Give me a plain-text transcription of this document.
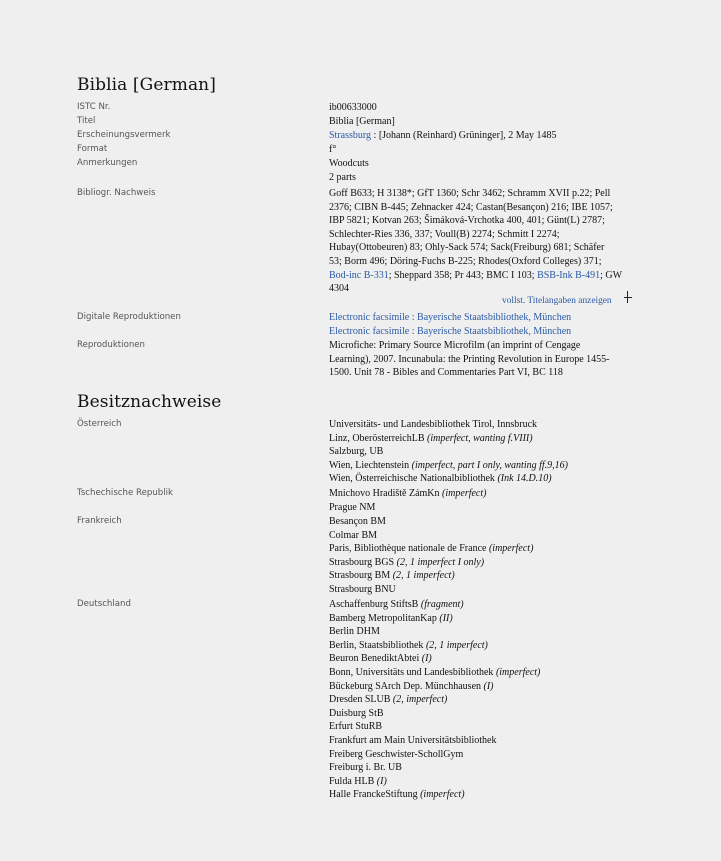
Biblia [German]
ISTC Nr.	ib00633000
Titel	Biblia [German]
Erscheinungsvermerk	Strassburg : [Johann (Reinhard) Grüninger], 2 May 1485
Format	f°
Anmerkungen	Woodcuts
2 parts
Bibliogr. Nachweis	Goff B633; H 3138*; GfT 1360; Schr 3462; Schramm XVII p.22; Pell
2376; CIBN B-445; Zehnacker 424; Castan(Besançon) 216; IBE 1057;
IBP 5821; Kotvan 263; Šimáková-Vrchotka 400, 401; Günt(L) 2787;
Schlechter-Ries 336, 337; Voull(B) 2274; Schmitt I 2274;
Hubay(Ottobeuren) 83; Ohly-Sack 574; Sack(Freiburg) 681; Schäfer
53; Borm 496; Döring-Fuchs B-225; Rhodes(Oxford Colleges) 371;
Bod-inc B-331; Sheppard 358; Pr 443; BMC I 103; BSB-Ink B-491; GW
4304
Digitale Reproduktionen	Electronic facsimile : Bayerische Staatsbibliothek, München
Electronic facsimile : Bayerische Staatsbibliothek, München
Reproduktionen	Microfiche: Primary Source Microfilm (an imprint of Cengage
Learning), 2007. Incunabula: the Printing Revolution in Europe 1455-
1500. Unit 78 - Bibles and Commentaries Part VI, BC 118
vollst. Titelangaben anzeigen
Besitznachweise
Österreich	Universitäts- und Landesbibliothek Tirol, Innsbruck
Linz, OberösterreichLB (imperfect, wanting f.VIII)
Salzburg, UB
Wien, Liechtenstein (imperfect, part I only, wanting ff.9,16)
Wien, Österreichische Nationalbibliothek (Ink 14.D.10)
Tschechische Republik	Mnichovo Hradiště ZámKn (imperfect)
Prague NM
Frankreich	Besançon BM
Colmar BM
Paris, Bibliothèque nationale de France (imperfect)
Strasbourg BGS (2, 1 imperfect I only)
Strasbourg BM (2, 1 imperfect)
Strasbourg BNU
Deutschland	Aschaffenburg StiftsB (fragment)
Bamberg MetropolitanKap (II)
Berlin DHM
Berlin, Staatsbibliothek (2, 1 imperfect)
Beuron BenediktAbtei (I)
Bonn, Universitäts und Landesbibliothek (imperfect)
Bückeburg SArch Dep. Münchhausen (I)
Dresden SLUB (2, imperfect)
Duisburg StB
Erfurt StuRB
Frankfurt am Main Universitätsbibliothek
Freiberg Geschwister-SchollGym
Freiburg i. Br. UB
Fulda HLB (I)
Halle FranckeStiftung (imperfect)
